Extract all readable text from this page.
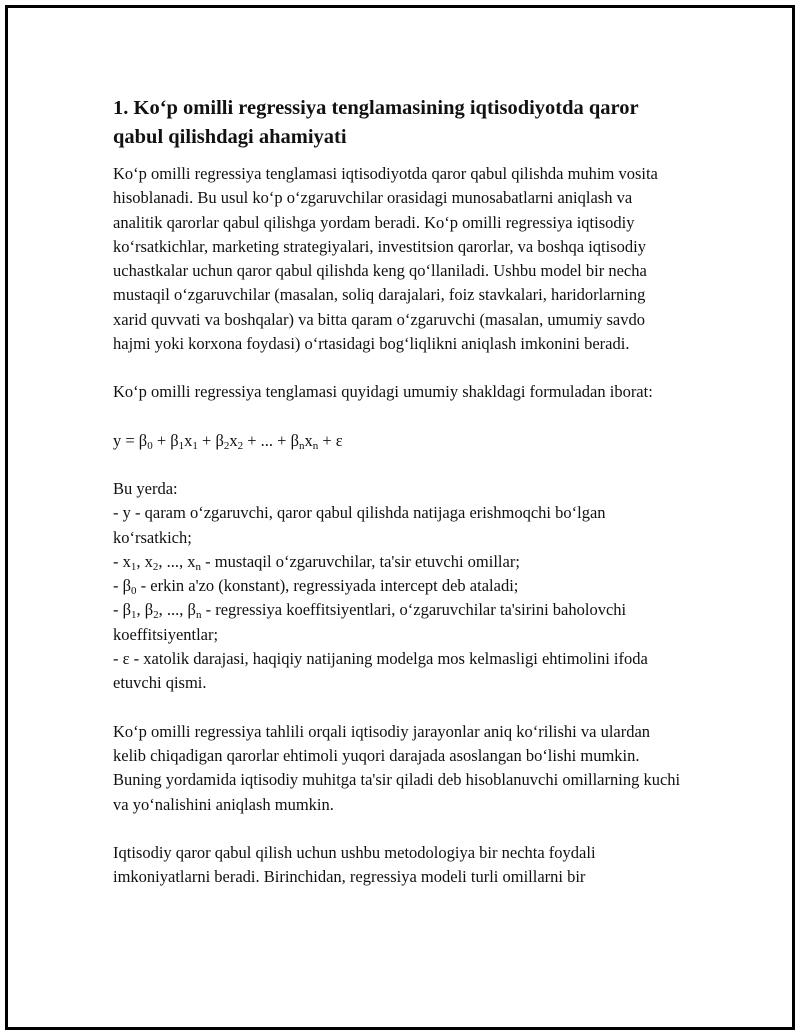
1. Ko‘p omilli regressiya tenglamasining iqtisodiyotda qaror qabul qilishdagi ahamiyati

Ko‘p omilli regressiya tenglamasi iqtisodiyotda qaror qabul qilishda muhim vosita hisoblanadi. Bu usul ko‘p o‘zgaruvchilar orasidagi munosabatlarni aniqlash va analitik qarorlar qabul qilishga yordam beradi. Ko‘p omilli regressiya iqtisodiy ko‘rsatkichlar, marketing strategiyalari, investitsion qarorlar, va boshqa iqtisodiy uchastkalar uchun qaror qabul qilishda keng qo‘llaniladi. Ushbu model bir necha mustaqil o‘zgaruvchilar (masalan, soliq darajalari, foiz stavkalari, haridorlarning xarid quvvati va boshqalar) va bitta qaram o‘zgaruvchi (masalan, umumiy savdo hajmi yoki korxona foydasi) o‘rtasidagi bog‘liqlikni aniqlash imkonini beradi.

Ko‘p omilli regressiya tenglamasi quyidagi umumiy shakldagi formuladan iborat:

$y = \beta_0 + \beta_1x_1 + \beta_2x_2$ + ... + $\beta_nx_n + \varepsilon$
Bu yerda:
- y - qaram o‘zgaruvchi, qaror qabul qilishda natijaga erishmoqchi bo‘lgan ko‘rsatkich;
- $x_1$, $x_2$, ..., $x_n$ - mustaqil o‘zgaruvchilar, ta'sir etuvchi omillar;
- $\beta_0$ - erkin a'zo (konstant), regressiyada intercept deb ataladi;
- $\beta_1$, $\beta_2$, ..., $\beta_n$ - regressiya koeffitsiyentlari, o‘zgaruvchilar ta'sirini baholovchi koeffitsiyentlar;
- ε - xatolik darajasi, haqiqiy natijaning modelga mos kelmasligi ehtimolini ifoda etuvchi qismi.

Ko‘p omilli regressiya tahlili orqali iqtisodiy jarayonlar aniq ko‘rilishi va ulardan kelib chiqadigan qarorlar ehtimoli yuqori darajada asoslangan bo‘lishi mumkin. Buning yordamida iqtisodiy muhitga ta'sir qiladi deb hisoblanuvchi omillarning kuchi va yo‘nalishini aniqlash mumkin.

Iqtisodiy qaror qabul qilish uchun ushbu metodologiya bir nechta foydali imkoniyatlarni beradi. Birinchidan, regressiya modeli turli omillarni bir
